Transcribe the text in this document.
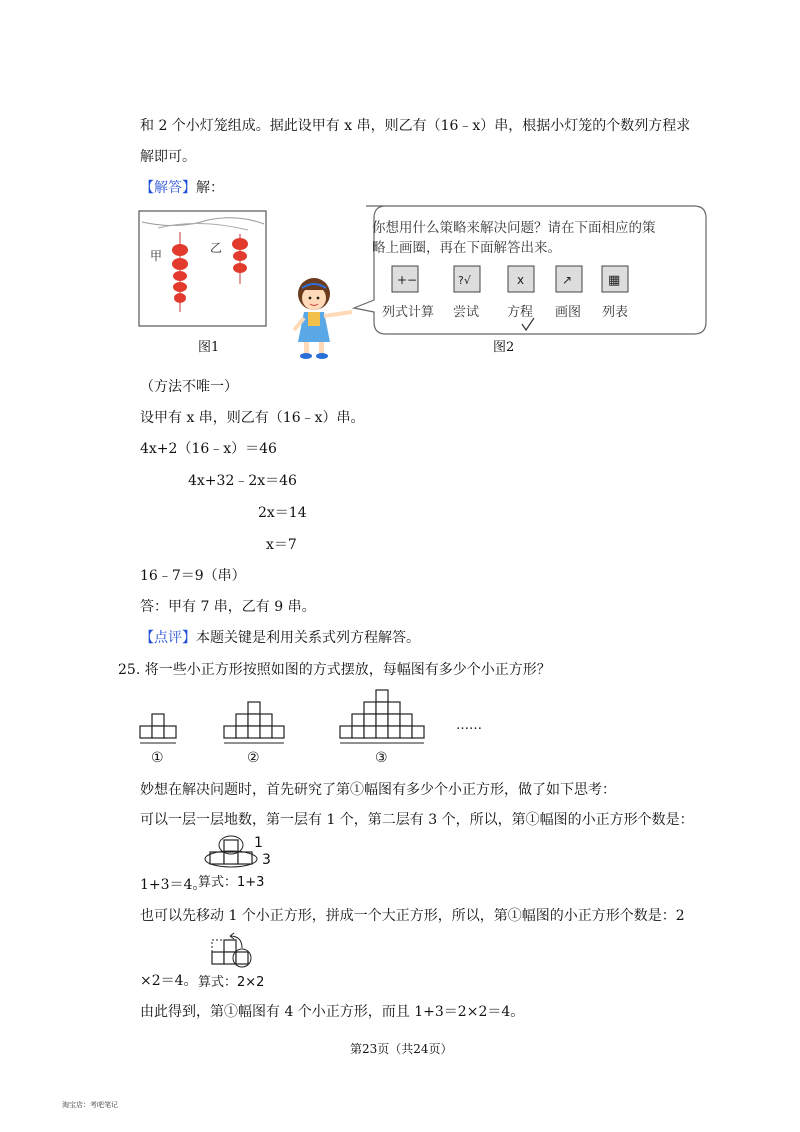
和 2 个小灯笼组成。据此设甲有 x 串，则乙有（16﹣x）串，根据小灯笼的个数列方程求
解即可。
【解答】解：
甲
乙
图1
你想用什么策略来解决问题？请在下面相应的策
略上画圈，再在下面解答出来。
+−	?√	x	↗	▦
列式计算 尝试 方程 画图 列表
图2
（方法不唯一）
设甲有 x 串，则乙有（16﹣x）串。
4x+2（16﹣x）＝46
4x+32﹣2x＝46
2x＝14
x＝7
16﹣7＝9（串）
答：甲有 7 串，乙有 9 串。
【点评】本题关键是利用关系式列方程解答。
25. 将一些小正方形按照如图的方式摆放，每幅图有多少个小正方形？
①	②	③
……
妙想在解决问题时，首先研究了第①幅图有多少个小正方形，做了如下思考：
可以一层一层地数，第一层有 1 个，第二层有 3 个，所以，第①幅图的小正方形个数是：
1
3
算式：1+3
1+3＝4。
也可以先移动 1 个小正方形，拼成一个大正方形，所以，第①幅图的小正方形个数是：2
算式：2×2
×2＝4。
由此得到，第①幅图有 4 个小正方形，而且 1+3＝2×2＝4。
第23页（共24页）
淘宝店：考吧笔记
